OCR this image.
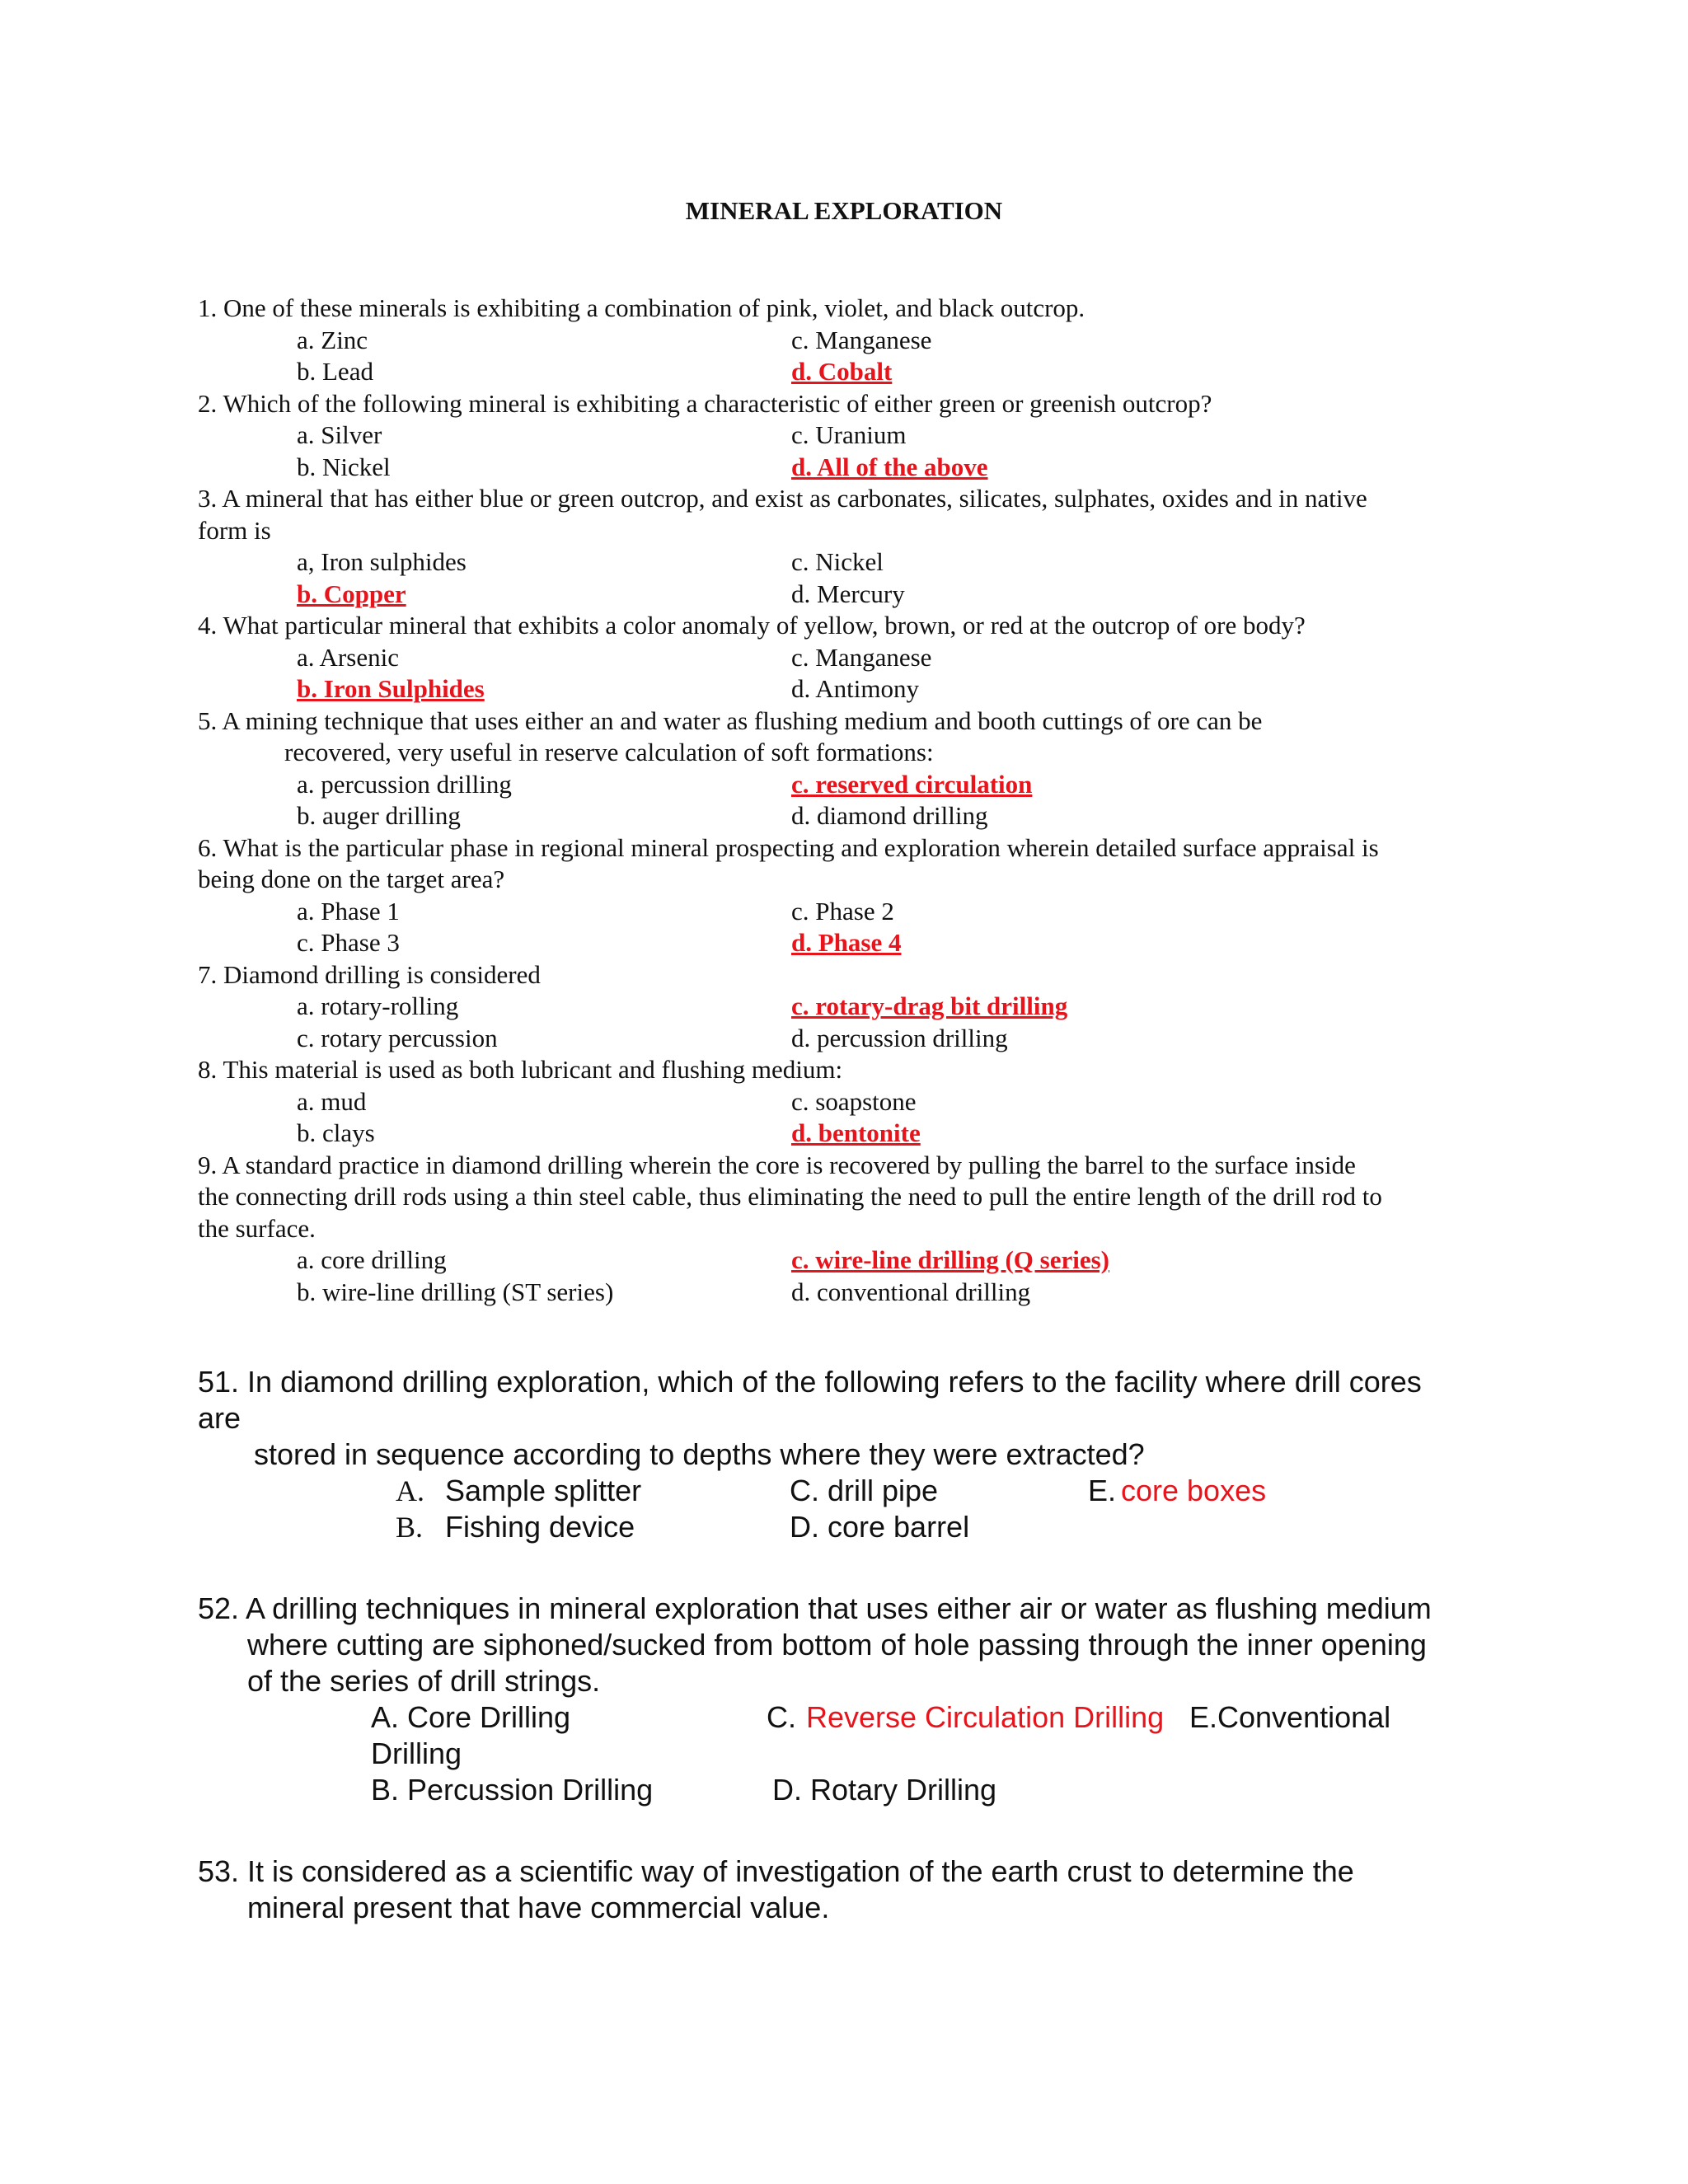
MINERAL EXPLORATION
1. One of these minerals is exhibiting a combination of pink, violet, and black outcrop.
a. Zinc	c. Manganese
b. Lead	d. Cobalt
2. Which of the following mineral is exhibiting a characteristic of either green or greenish outcrop?
a. Silver	c. Uranium
b. Nickel	d. All of the above
3. A mineral that has either blue or green outcrop, and exist as carbonates, silicates, sulphates, oxides and in native
form is
a, Iron sulphides	c. Nickel
b. Copper	d. Mercury
4. What particular mineral that exhibits a color anomaly of yellow, brown, or red at the outcrop of ore body?
a. Arsenic	c. Manganese
b. Iron Sulphides	d. Antimony
5. A mining technique that uses either an and water as flushing medium and booth cuttings of ore can be
recovered, very useful in reserve calculation of soft formations:
a. percussion drilling	c. reserved circulation
b. auger drilling	d. diamond drilling
6. What is the particular phase in regional mineral prospecting and exploration wherein detailed surface appraisal is
being done on the target area?
a. Phase 1	c. Phase 2
c. Phase 3	d. Phase 4
7. Diamond drilling is considered
a. rotary-rolling	c. rotary-drag bit drilling
c. rotary percussion	d. percussion drilling
8. This material is used as both lubricant and flushing medium:
a. mud	c. soapstone
b. clays	d. bentonite
9. A standard practice in diamond drilling wherein the core is recovered by pulling the barrel to the surface inside
the connecting drill rods using a thin steel cable, thus eliminating the need to pull the entire length of the drill rod to
the surface.
a. core drilling	c. wire-line drilling (Q series)
b. wire-line drilling (ST series)	d. conventional drilling
51. In diamond drilling exploration, which of the following refers to the facility where drill cores
are
stored in sequence according to depths where they were extracted?
A. Sample splitter	C. drill pipe	E. core boxes
B. Fishing device	D. core barrel
52. A drilling techniques in mineral exploration that uses either air or water as flushing medium
where cutting are siphoned/sucked from bottom of hole passing through the inner opening
of the series of drill strings.
A. Core Drilling	C. Reverse Circulation Drilling E.Conventional
Drilling
B. Percussion Drilling	D. Rotary Drilling
53. It is considered as a scientific way of investigation of the earth crust to determine the
mineral present that have commercial value.
